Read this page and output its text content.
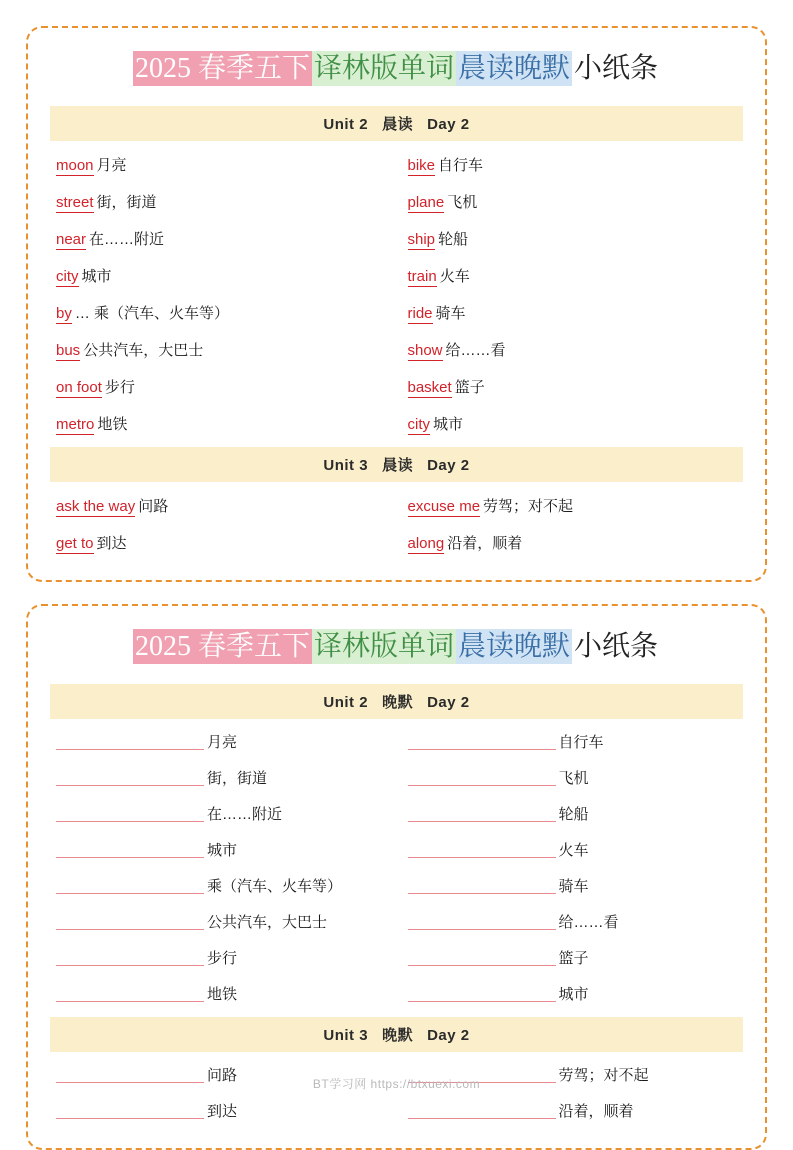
2025 春季五下 译林版单词 晨读晚默 小纸条
Unit 2 晨读 Day 2
moon 月亮	bike 自行车
street 街，街道	plane 飞机
near 在……附近	ship 轮船
city 城市	train 火车
by … 乘（汽车、火车等）	ride 骑车
bus 公共汽车，大巴士	show 给……看
on foot 步行	basket 篮子
metro 地铁	city 城市
Unit 3 晨读 Day 2
ask the way 问路	excuse me 劳驾；对不起
get to 到达	along 沿着，顺着
2025 春季五下 译林版单词 晨读晚默 小纸条
Unit 2 晚默 Day 2
月亮	自行车
街，街道	飞机
在……附近	轮船
城市	火车
乘（汽车、火车等）	骑车
公共汽车，大巴士	给……看
步行	篮子
地铁	城市
Unit 3 晚默 Day 2
问路	劳驾；对不起
到达	沿着，顺着
BT学习网 https://btxuexi.com
